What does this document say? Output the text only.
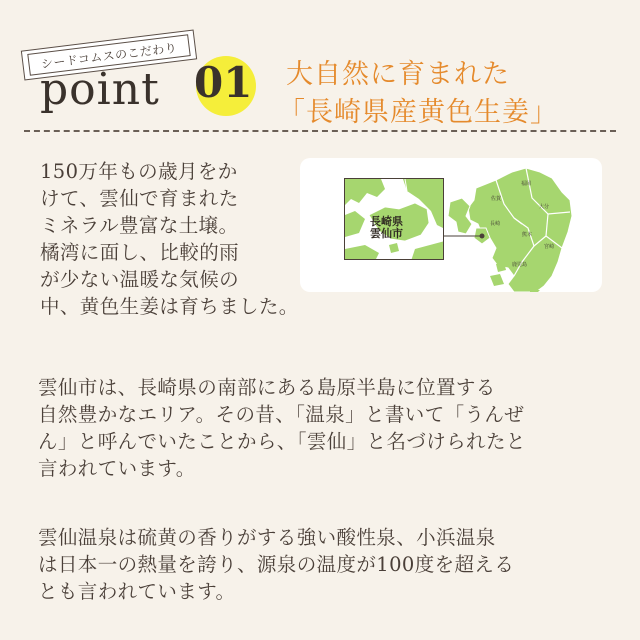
シードコムスのこだわり
point 01 大自然に育まれた
「長崎県産黄色生姜」
150万年もの歳月をか
けて、雲仙で育まれた
ミネラル豊富な土壌。
橘湾に面し、比較的雨
が少ない温暖な気候の
中、黄色生姜は育ちました。
福岡
佐賀
大分
長崎
熊本
宮崎
鹿児島
長崎県
雲仙市
雲仙市は、長崎県の南部にある島原半島に位置する
自然豊かなエリア。その昔、「温泉」と書いて「うんぜ
ん」と呼んでいたことから、「雲仙」と名づけられたと
言われています。
雲仙温泉は硫黄の香りがする強い酸性泉、小浜温泉
は日本一の熱量を誇り、源泉の温度が100度を超える
とも言われています。
